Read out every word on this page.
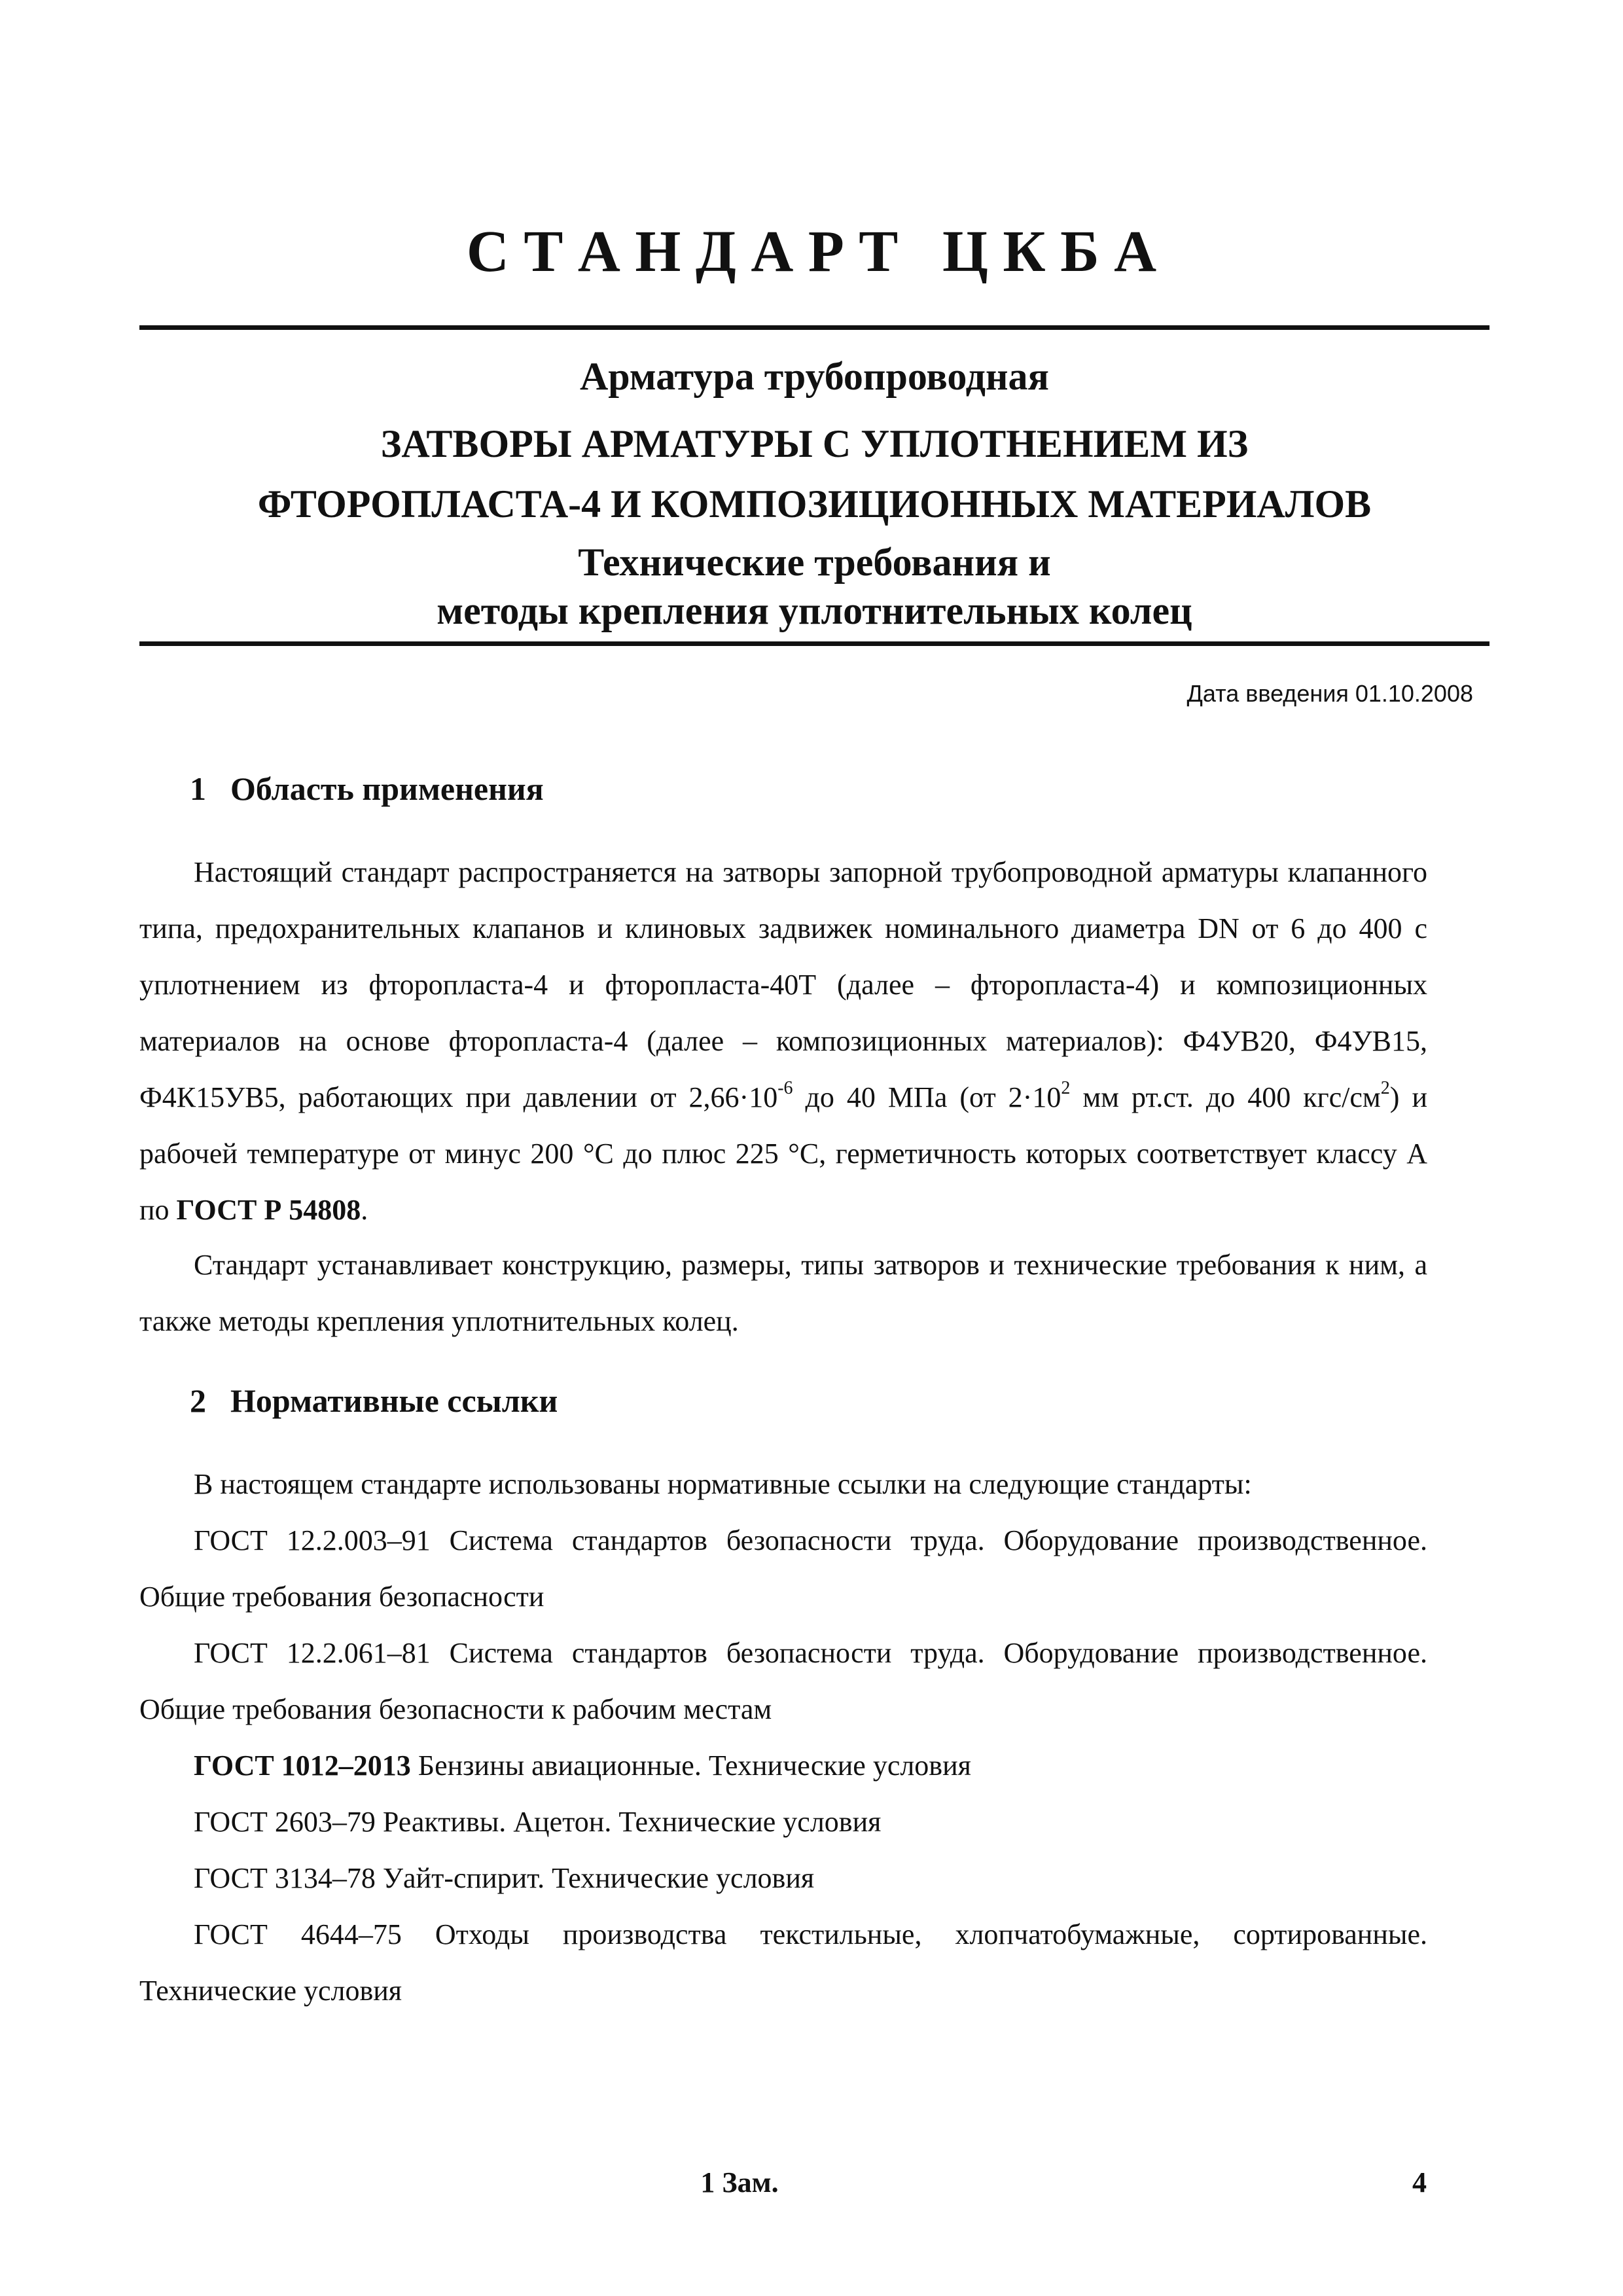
С Т А Н Д А Р Т   Ц К Б А
Арматура трубопроводная
ЗАТВОРЫ АРМАТУРЫ С УПЛОТНЕНИЕМ ИЗ
ФТОРОПЛАСТА-4 И КОМПОЗИЦИОННЫХ МАТЕРИАЛОВ
Технические требования и
методы крепления уплотнительных колец
Дата введения 01.10.2008
1 Область применения

Настоящий стандарт распространяется на затворы запорной трубопроводной арматуры клапанного типа, предохранительных клапанов и клиновых задвижек номинального диаметра DN от 6 до 400 с уплотнением из фторопласта-4 и фторопласта-40Т (далее – фторопласта-4) и композиционных материалов на основе фторопласта-4 (далее – композиционных материалов): Ф4УВ20, Ф4УВ15, Ф4К15УВ5, работающих при давлении от $2,66\cdot 10^{-6}$ до 40 МПа (от $2\cdot 10^2$ мм рт.ст. до 400 кгс/$см^2$) и рабочей температуре от минус 200 °С до плюс 225 °С, герметичность которых соответствует классу А по ГОСТ Р 54808.

Стандарт устанавливает конструкцию, размеры, типы затворов и технические требования к ним, а также методы крепления уплотнительных колец.

2 Нормативные ссылки

В настоящем стандарте использованы нормативные ссылки на следующие стандарты:

ГОСТ 12.2.003–91 Система стандартов безопасности труда. Оборудование производственное. Общие требования безопасности

ГОСТ 12.2.061–81 Система стандартов безопасности труда. Оборудование производственное. Общие требования безопасности к рабочим местам

ГОСТ 1012–2013 Бензины авиационные. Технические условия

ГОСТ 2603–79 Реактивы. Ацетон. Технические условия

ГОСТ 3134–78 Уайт-спирит. Технические условия

ГОСТ 4644–75 Отходы производства текстильные, хлопчатобумажные, сортированные. Технические условия

1 Зам.	4
